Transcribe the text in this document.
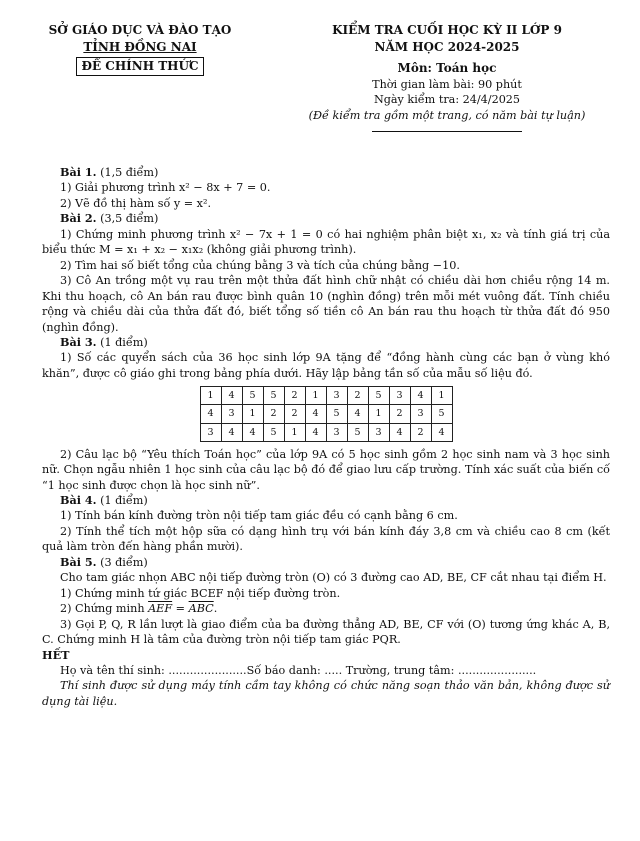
SỞ GIÁO DỤC VÀ ĐÀO TẠO
TỈNH ĐỒNG NAI
ĐỀ CHÍNH THỨC
KIỂM TRA CUỐI HỌC KỲ II LỚP 9
NĂM HỌC 2024-2025
Môn: Toán học
Thời gian làm bài: 90 phút
Ngày kiểm tra: 24/4/2025
(Đề kiểm tra gồm một trang, có năm bài tự luận)

Bài 1. (1,5 điểm)

1) Giải phương trình x² − 8x + 7 = 0.

2) Vẽ đồ thị hàm số y = x².

Bài 2. (3,5 điểm)

1) Chứng minh phương trình x² − 7x + 1 = 0 có hai nghiệm phân biệt x₁, x₂ và tính giá trị của biểu thức M = x₁ + x₂ − x₁x₂ (không giải phương trình).

2) Tìm hai số biết tổng của chúng bằng 3 và tích của chúng bằng −10.

3) Cô An trồng một vụ rau trên một thửa đất hình chữ nhật có chiều dài hơn chiều rộng 14 m. Khi thu hoạch, cô An bán rau được bình quân 10 (nghìn đồng) trên mỗi mét vuông đất. Tính chiều rộng và chiều dài của thửa đất đó, biết tổng số tiền cô An bán rau thu hoạch từ thửa đất đó 950 (nghìn đồng).

Bài 3. (1 điểm)

1) Số các quyển sách của 36 học sinh lớp 9A tặng để “đồng hành cùng các bạn ở vùng khó khăn”, được cô giáo ghi trong bảng phía dưới. Hãy lập bảng tần số của mẫu số liệu đó.

1	4	5	5	2	1	3	2	5	3	4	1
4	3	1	2	2	4	5	4	1	2	3	5
3	4	4	5	1	4	3	5	3	4	2	4

2) Câu lạc bộ “Yêu thích Toán học” của lớp 9A có 5 học sinh gồm 2 học sinh nam và 3 học sinh nữ. Chọn ngẫu nhiên 1 học sinh của câu lạc bộ đó để giao lưu cấp trường. Tính xác suất của biến cố “1 học sinh được chọn là học sinh nữ”.

Bài 4. (1 điểm)

1) Tính bán kính đường tròn nội tiếp tam giác đều có cạnh bằng 6 cm.

2) Tính thể tích một hộp sữa có dạng hình trụ với bán kính đáy 3,8 cm và chiều cao 8 cm (kết quả làm tròn đến hàng phần mười).

Bài 5. (3 điểm)

Cho tam giác nhọn ABC nội tiếp đường tròn (O) có 3 đường cao AD, BE, CF cắt nhau tại điểm H.

1) Chứng minh tứ giác BCEF nội tiếp đường tròn.

2) Chứng minh $\overline{AEF} = \overline{ABC}$.

3) Gọi P, Q, R lần lượt là giao điểm của ba đường thẳng AD, BE, CF với (O) tương ứng khác A, B, C. Chứng minh H là tâm của đường tròn nội tiếp tam giác PQR.

HẾT

Họ và tên thí sinh: ......................Số báo danh: ..... Trường, trung tâm: ......................

Thí sinh được sử dụng máy tính cầm tay không có chức năng soạn thảo văn bản, không được sử dụng tài liệu.
